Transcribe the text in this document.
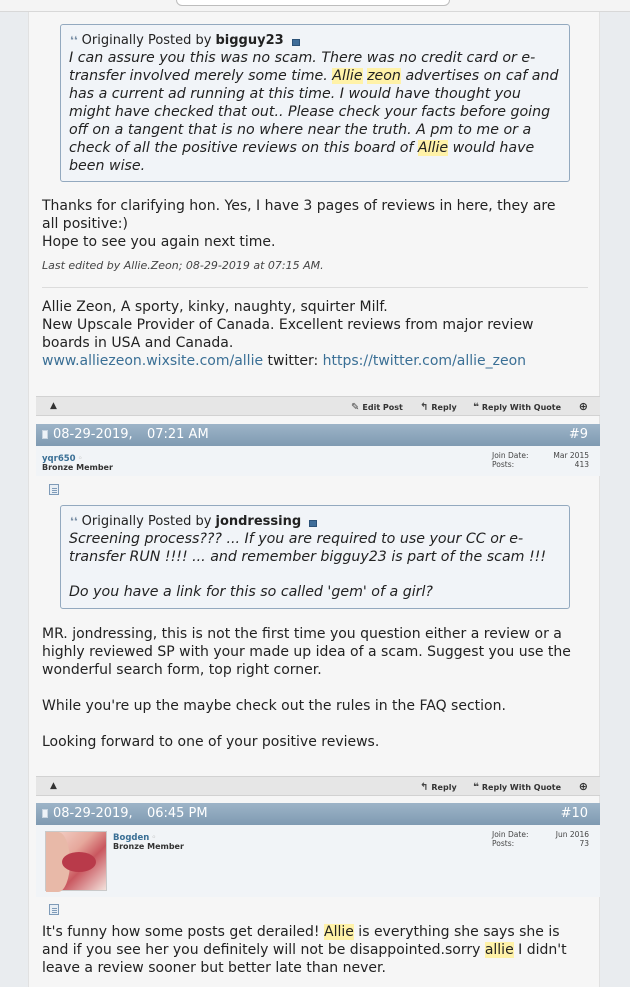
❛❛ Originally Posted by bigguy23
I can assure you this was no scam. There was no credit card or e-
transfer involved merely some time. Allie zeon advertises on caf and
has a current ad running at this time. I would have thought you
might have checked that out.. Please check your facts before going
off on a tangent that is no where near the truth. A pm to me or a
check of all the positive reviews on this board of Allie would have
been wise.
Thanks for clarifying hon. Yes, I have 3 pages of reviews in here, they are
all positive:)
Hope to see you again next time.
Last edited by Allie.Zeon; 08-29-2019 at 07:15 AM.
Allie Zeon, A sporty, kinky, naughty, squirter Milf.
New Upscale Provider of Canada. Excellent reviews from major review
boards in USA and Canada.
www.alliezeon.wixsite.com/allie twitter: https://twitter.com/allie_zeon
▲	✎ Edit Post ↰ Reply ❝ Reply With Quote ⊕
08-29-2019,
07:21 AM	#9
yqr650 ◦
Bronze Member
Join Date:	Mar 2015
Posts:	413
❛❛ Originally Posted by jondressing
Screening process??? ... If you are required to use your CC or e-
transfer RUN !!!! ... and remember bigguy23 is part of the scam !!!
Do you have a link for this so called 'gem' of a girl?
MR. jondressing, this is not the first time you question either a review or a
highly reviewed SP with your made up idea of a scam. Suggest you use the
wonderful search form, top right corner.
While you're up the maybe check out the rules in the FAQ section.
Looking forward to one of your positive reviews.
▲	↰ Reply ❝ Reply With Quote ⊕
08-29-2019,
06:45 PM	#10
Bogden ◦
Bronze Member
Join Date:	Jun 2016
Posts:	73
It's funny how some posts get derailed! Allie is everything she says she is
and if you see her you definitely will not be disappointed.sorry allie I didn't
leave a review sooner but better late than never.
